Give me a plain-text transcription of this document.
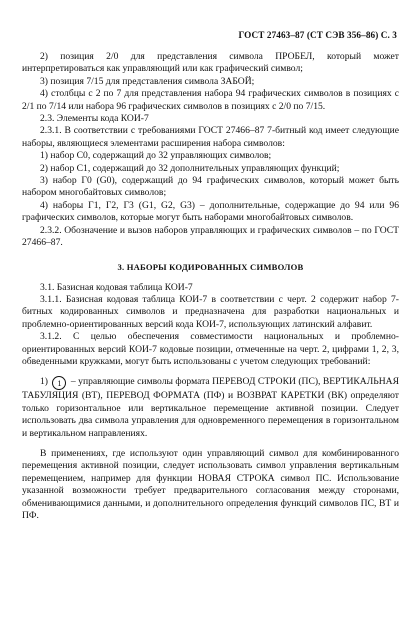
ГОСТ 27463–87 (СТ СЭВ 356–86) С. 3

2) позиция 2/0 для представления символа ПРОБЕЛ, который может интерпретироваться как управляющий или как графический символ;

3) позиция 7/15 для представления символа ЗАБОЙ;

4) столбцы с 2 по 7 для представления набора 94 графических символов в позициях с 2/1 по 7/14 или набора 96 графических символов в позициях с 2/0 по 7/15.

2.3. Элементы кода КОИ-7

2.3.1. В соответствии с требованиями ГОСТ 27466–87 7-битный код имеет следующие наборы, являющиеся элементами расширения набора символов:

1) набор С0, содержащий до 32 управляющих символов;

2) набор С1, содержащий до 32 дополнительных управляющих функций;

3) набор Г0 (G0), содержащий до 94 графических символов, который может быть набором многобайтовых символов;

4) наборы Г1, Г2, Г3 (G1, G2, G3) – дополнительные, содержащие до 94 или 96 графических символов, которые могут быть наборами многобайтовых символов.

2.3.2. Обозначение и вызов наборов управляющих и графических символов – по ГОСТ 27466–87.

3. НАБОРЫ КОДИРОВАННЫХ СИМВОЛОВ

3.1. Базисная кодовая таблица КОИ-7

3.1.1. Базисная кодовая таблица КОИ-7 в соответствии с черт. 2 содержит набор 7-битных кодированных символов и предназначена для разработки национальных и проблемно-ориентированных версий кода КОИ-7, использующих латинский алфавит.

3.1.2. С целью обеспечения совместимости национальных и проблемно-ориентированных версий КОИ-7 кодовые позиции, отмеченные на черт. 2, цифрами 1, 2, 3, обведенными кружками, могут быть использованы с учетом следующих требований:

1) 1 – управляющие символы формата ПЕРЕВОД СТРОКИ (ПС), ВЕРТИКАЛЬНАЯ ТАБУЛЯЦИЯ (ВТ), ПЕРЕВОД ФОРМАТА (ПФ) и ВОЗВРАТ КАРЕТКИ (ВК) определяют только горизонтальное или вертикальное перемещение активной позиции. Следует использовать два символа управления для одновременного перемещения в горизонтальном и вертикальном направлениях.

В применениях, где используют один управляющий символ для комбинированного перемещения активной позиции, следует использовать символ управления вертикальным перемещением, например для функции НОВАЯ СТРОКА символ ПС. Использование указанной возможности требует предварительного согласования между сторонами, обменивающимися данными, и дополнительного определения функций символов ПС, ВТ и ПФ.
